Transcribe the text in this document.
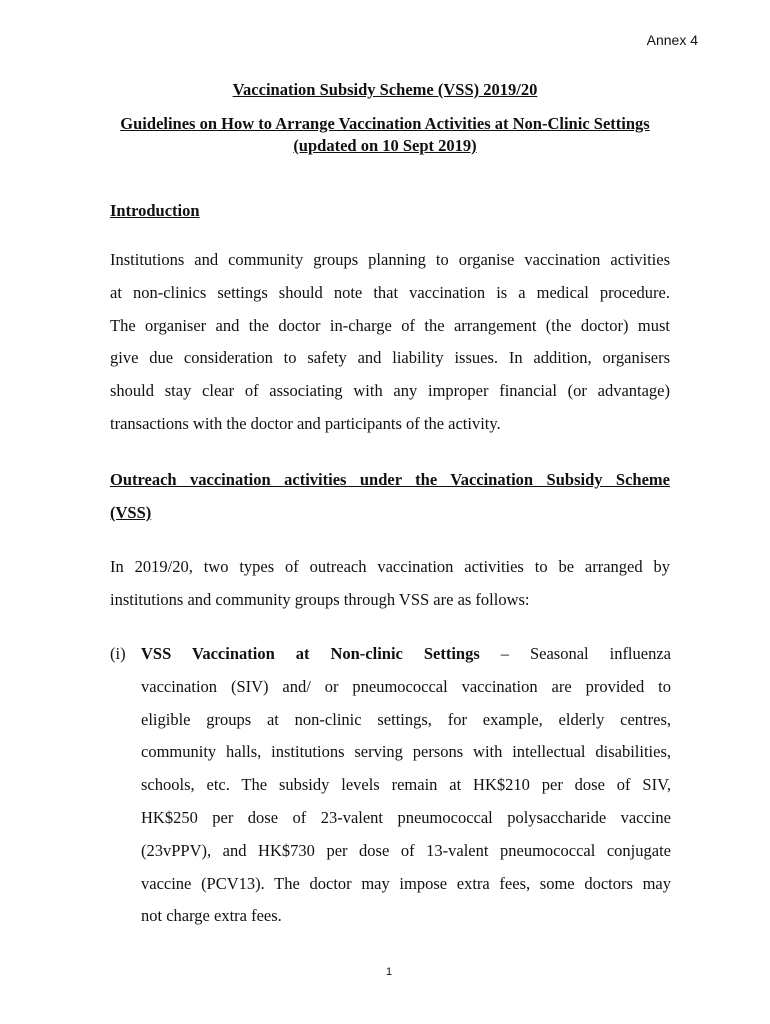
Annex 4
Vaccination Subsidy Scheme (VSS) 2019/20
Guidelines on How to Arrange Vaccination Activities at Non-Clinic Settings
(updated on 10 Sept 2019)
Introduction
Institutions and community groups planning to organise vaccination activities
at non-clinics settings should note that vaccination is a medical procedure.
The organiser and the doctor in-charge of the arrangement (the doctor) must
give due consideration to safety and liability issues. In addition, organisers
should stay clear of associating with any improper financial (or advantage)
transactions with the doctor and participants of the activity.
Outreach vaccination activities under the Vaccination Subsidy Scheme
(VSS)
In 2019/20, two types of outreach vaccination activities to be arranged by
institutions and community groups through VSS are as follows:
(i) VSS Vaccination at Non-clinic Settings – Seasonal influenza
vaccination (SIV) and/ or pneumococcal vaccination are provided to
eligible groups at non-clinic settings, for example, elderly centres,
community halls, institutions serving persons with intellectual disabilities,
schools, etc. The subsidy levels remain at HK$210 per dose of SIV,
HK$250 per dose of 23-valent pneumococcal polysaccharide vaccine
(23vPPV), and HK$730 per dose of 13-valent pneumococcal conjugate
vaccine (PCV13). The doctor may impose extra fees, some doctors may
not charge extra fees.
1
